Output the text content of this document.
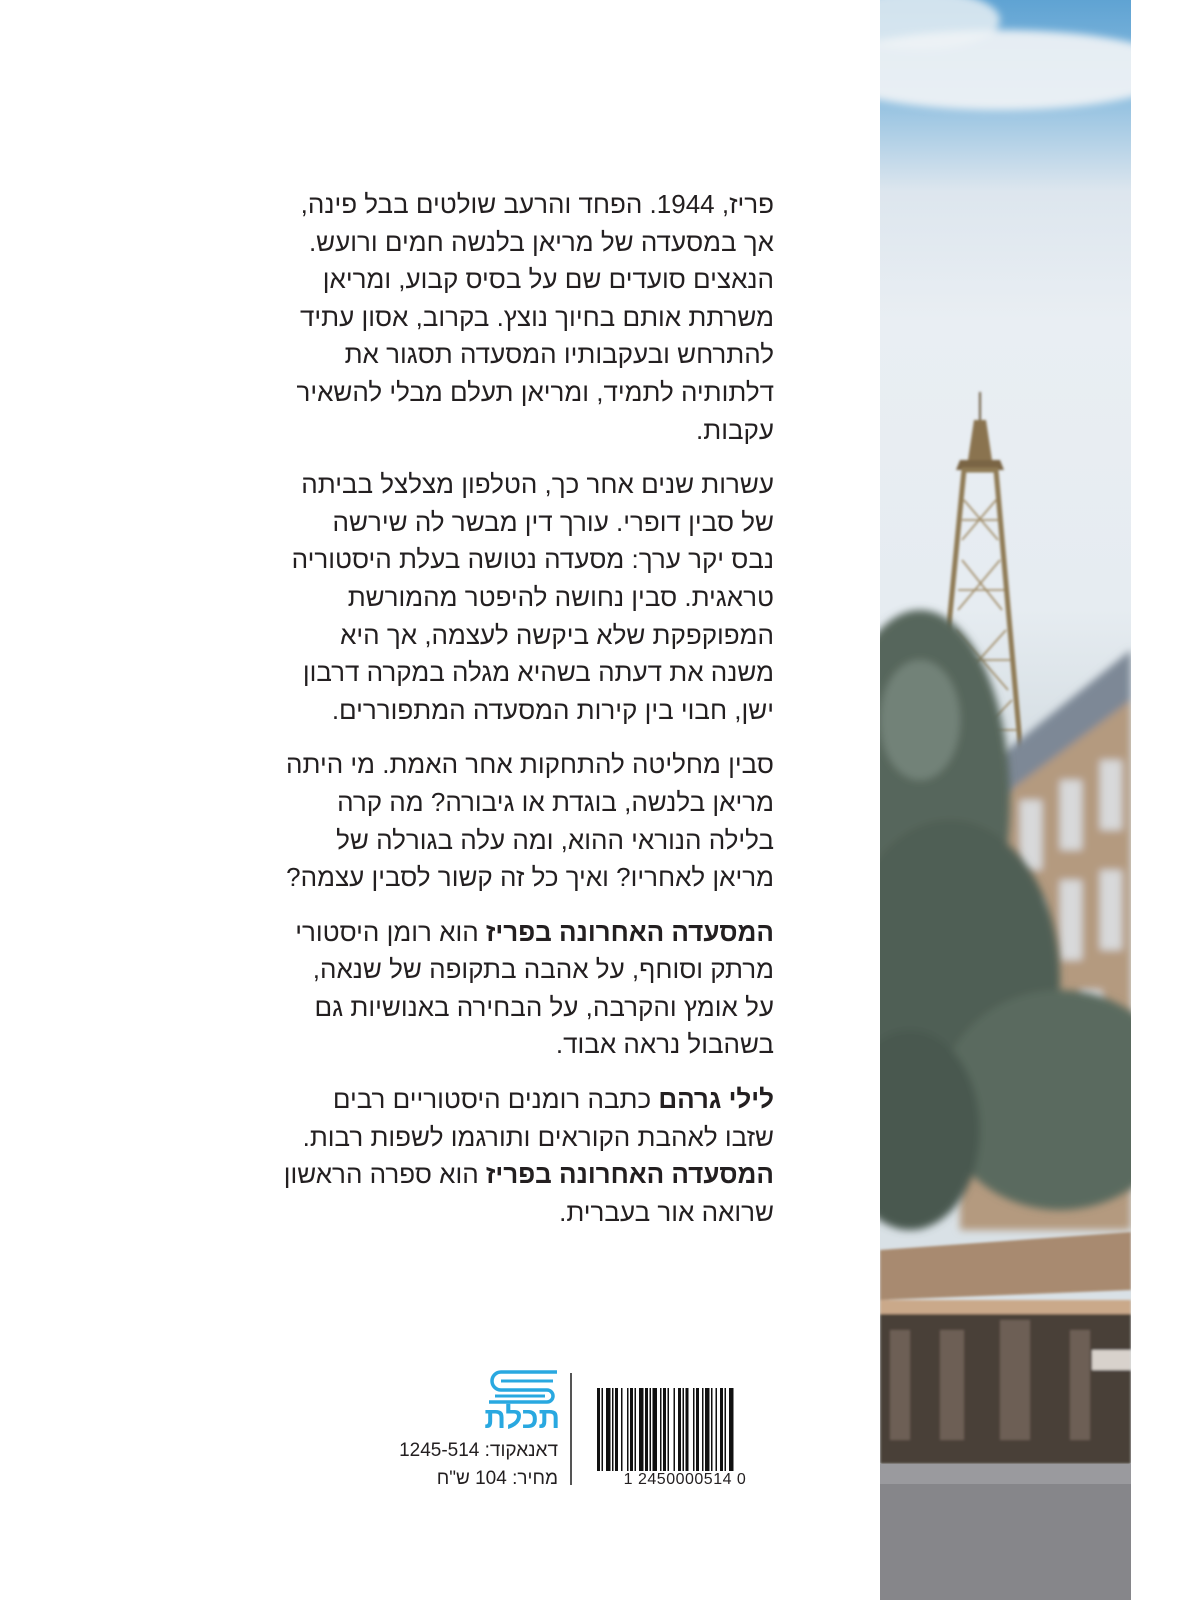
פריז, 1944. הפחד והרעב שולטים בבל פינה,
אך במסעדה של מריאן בלנשה חמים ורועש.
הנאצים סועדים שם על בסיס קבוע, ומריאן
משרתת אותם בחיוך נוצץ. בקרוב, אסון עתיד
להתרחש ובעקבותיו המסעדה תסגור את
דלתותיה לתמיד, ומריאן תעלם מבלי להשאיר
עקבות.

עשרות שנים אחר כך, הטלפון מצלצל בביתה
של סבין דופרי. עורך דין מבשר לה שירשה
נבס יקר ערך: מסעדה נטושה בעלת היסטוריה
טראגית. סבין נחושה להיפטר מהמורשת
המפוקפקת שלא ביקשה לעצמה, אך היא
משנה את דעתה בשהיא מגלה במקרה דרבון
ישן, חבוי בין קירות המסעדה המתפוררים.

סבין מחליטה להתחקות אחר האמת. מי היתה
מריאן בלנשה, בוגדת או גיבורה? מה קרה
בלילה הנוראי ההוא, ומה עלה בגורלה של
מריאן לאחריו? ואיך כל זה קשור לסבין עצמה?

המסעדה האחרונה בפריז הוא רומן היסטורי
מרתק וסוחף, על אהבה בתקופה של שנאה,
על אומץ והקרבה, על הבחירה באנושיות גם
בשהבול נראה אבוד.

לילי גרהם כתבה רומנים היסטוריים רבים
שזבו לאהבת הקוראים ותורגמו לשפות רבות.
המסעדה האחרונה בפריז הוא ספרה הראשון
שרואה אור בעברית.

תכלת
דאנאקוד: 1245-514
מחיר: 104 ש"ח	1 2450000514 0
